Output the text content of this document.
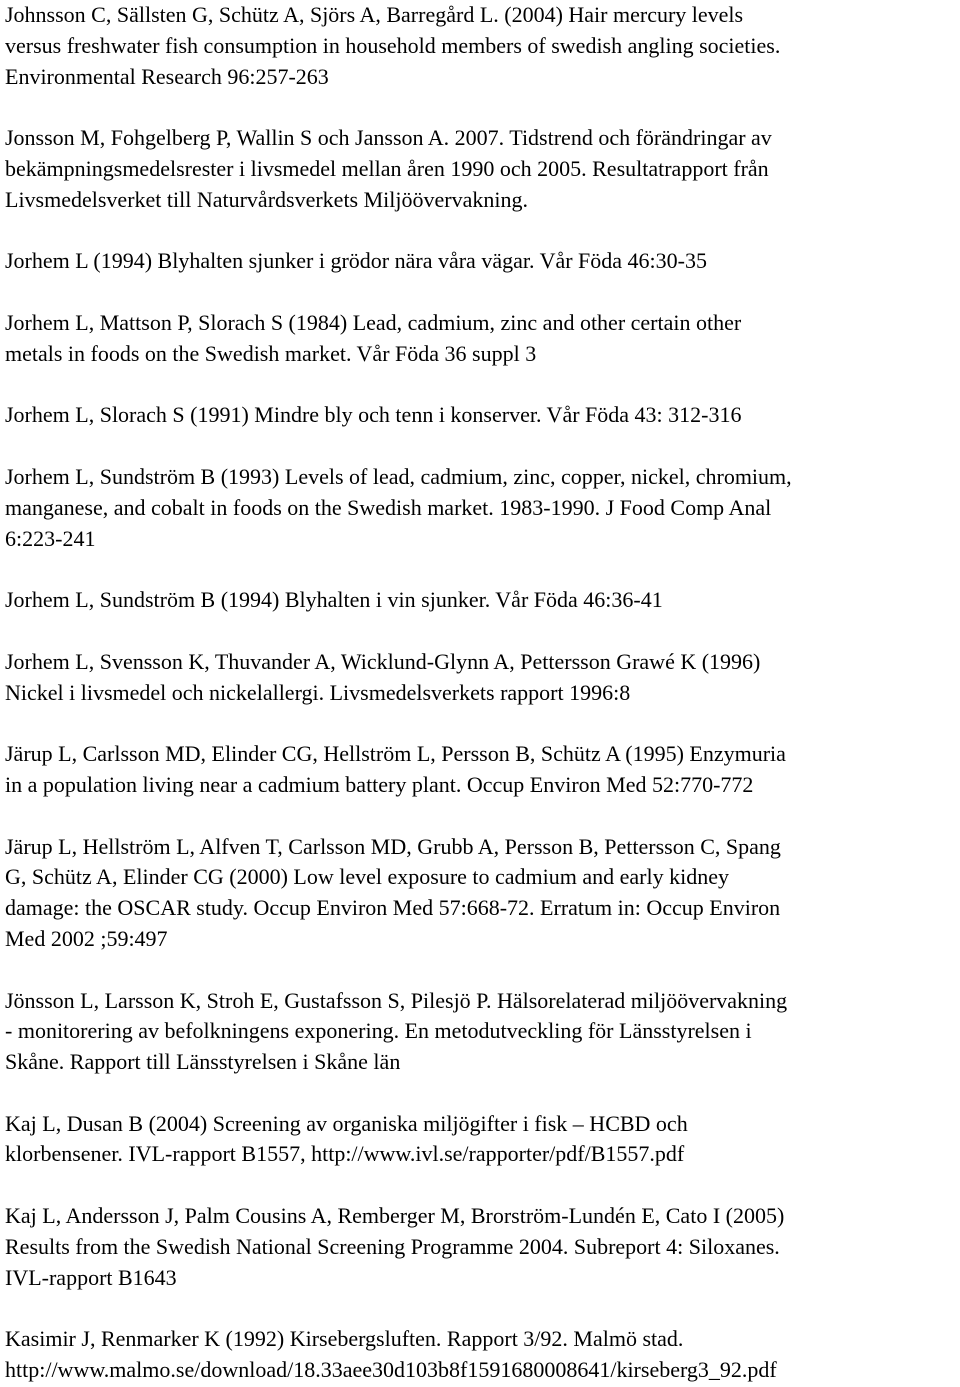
Johnsson C, Sällsten G, Schütz A, Sjörs A, Barregård L. (2004) Hair mercury levels
versus freshwater fish consumption in household members of swedish angling societies.
Environmental Research 96:257-263

Jonsson M, Fohgelberg P, Wallin S och Jansson A. 2007. Tidstrend och förändringar av
bekämpningsmedelsrester i livsmedel mellan åren 1990 och 2005. Resultatrapport från
Livsmedelsverket till Naturvårdsverkets Miljöövervakning.

Jorhem L (1994) Blyhalten sjunker i grödor nära våra vägar. Vår Föda 46:30-35

Jorhem L, Mattson P, Slorach S (1984) Lead, cadmium, zinc and other certain other
metals in foods on the Swedish market. Vår Föda 36 suppl 3

Jorhem L, Slorach S (1991) Mindre bly och tenn i konserver. Vår Föda 43: 312-316

Jorhem L, Sundström B (1993) Levels of lead, cadmium, zinc, copper, nickel, chromium,
manganese, and cobalt in foods on the Swedish market. 1983-1990. J Food Comp Anal
6:223-241

Jorhem L, Sundström B (1994) Blyhalten i vin sjunker. Vår Föda 46:36-41

Jorhem L, Svensson K, Thuvander A, Wicklund-Glynn A, Pettersson Grawé K (1996)
Nickel i livsmedel och nickelallergi. Livsmedelsverkets rapport 1996:8

Järup L, Carlsson MD, Elinder CG, Hellström L, Persson B, Schütz A (1995) Enzymuria
in a population living near a cadmium battery plant. Occup Environ Med 52:770-772

Järup L, Hellström L, Alfven T, Carlsson MD, Grubb A, Persson B, Pettersson C, Spang
G, Schütz A, Elinder CG (2000) Low level exposure to cadmium and early kidney
damage: the OSCAR study. Occup Environ Med 57:668-72. Erratum in: Occup Environ
Med 2002 ;59:497

Jönsson L, Larsson K, Stroh E, Gustafsson S, Pilesjö P. Hälsorelaterad miljöövervakning
- monitorering av befolkningens exponering. En metodutveckling för Länsstyrelsen i
Skåne. Rapport till Länsstyrelsen i Skåne län

Kaj L, Dusan B (2004) Screening av organiska miljögifter i fisk – HCBD och
klorbensener. IVL-rapport B1557, http://www.ivl.se/rapporter/pdf/B1557.pdf

Kaj L, Andersson J, Palm Cousins A, Remberger M, Brorström-Lundén E, Cato I (2005)
Results from the Swedish National Screening Programme 2004. Subreport 4: Siloxanes.
IVL-rapport B1643

Kasimir J, Renmarker K (1992) Kirsebergsluften. Rapport 3/92. Malmö stad.
http://www.malmo.se/download/18.33aee30d103b8f1591680008641/kirseberg3_92.pdf
